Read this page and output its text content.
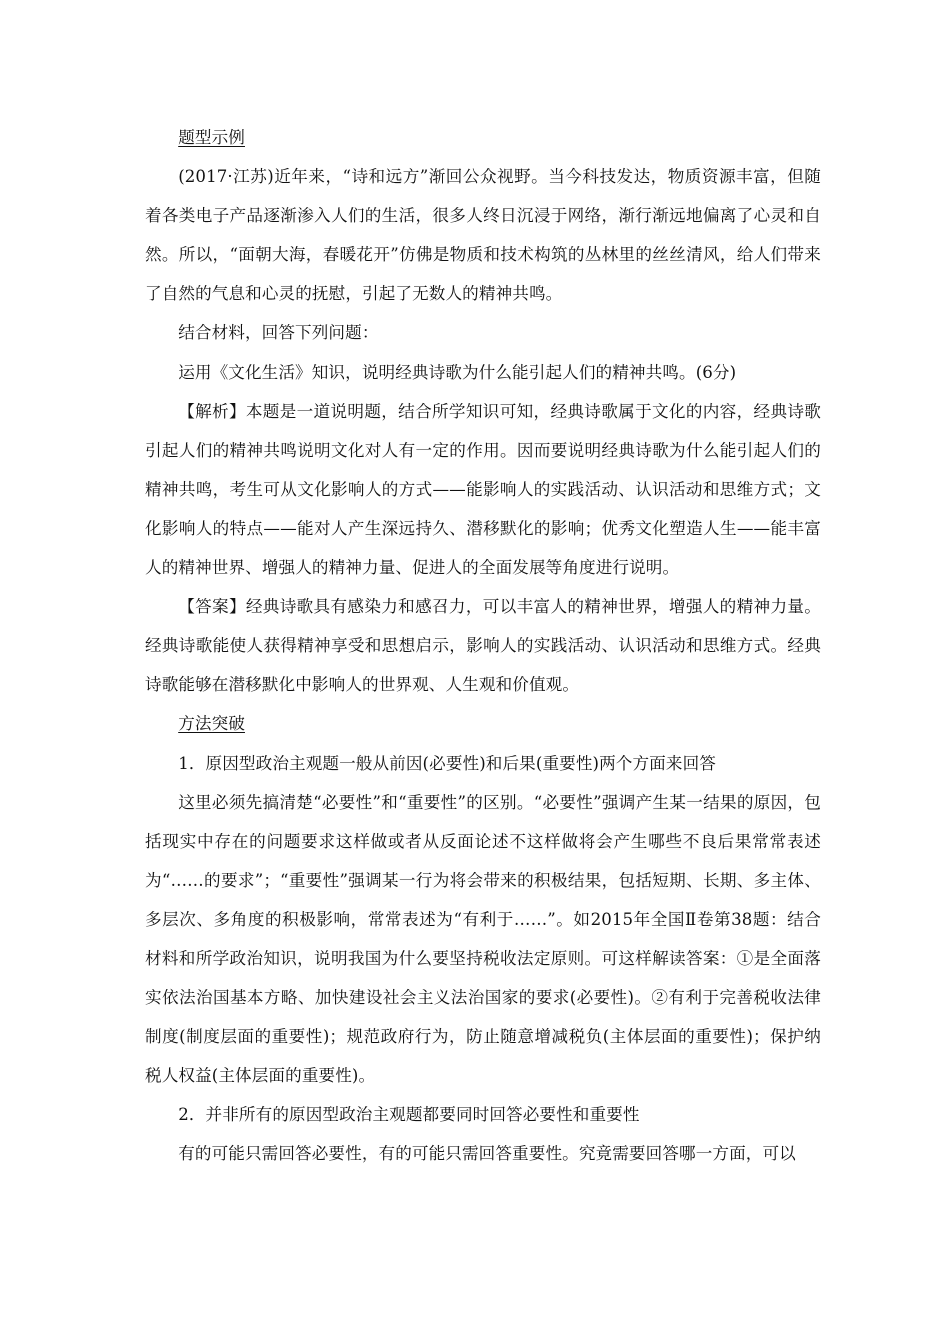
题型示例

(2017·江苏)近年来，“诗和远方”渐回公众视野。当今科技发达，物质资源丰富，但随着各类电子产品逐渐渗入人们的生活，很多人终日沉浸于网络，渐行渐远地偏离了心灵和自然。所以，“面朝大海，春暖花开”仿佛是物质和技术构筑的丛林里的丝丝清风，给人们带来了自然的气息和心灵的抚慰，引起了无数人的精神共鸣。

结合材料，回答下列问题：

运用《文化生活》知识，说明经典诗歌为什么能引起人们的精神共鸣。(6分)

【解析】本题是一道说明题，结合所学知识可知，经典诗歌属于文化的内容，经典诗歌引起人们的精神共鸣说明文化对人有一定的作用。因而要说明经典诗歌为什么能引起人们的精神共鸣，考生可从文化影响人的方式——能影响人的实践活动、认识活动和思维方式；文化影响人的特点——能对人产生深远持久、潜移默化的影响；优秀文化塑造人生——能丰富人的精神世界、增强人的精神力量、促进人的全面发展等角度进行说明。

【答案】经典诗歌具有感染力和感召力，可以丰富人的精神世界，增强人的精神力量。经典诗歌能使人获得精神享受和思想启示，影响人的实践活动、认识活动和思维方式。经典诗歌能够在潜移默化中影响人的世界观、人生观和价值观。

方法突破

1．原因型政治主观题一般从前因(必要性)和后果(重要性)两个方面来回答

这里必须先搞清楚“必要性”和“重要性”的区别。“必要性”强调产生某一结果的原因，包括现实中存在的问题要求这样做或者从反面论述不这样做将会产生哪些不良后果常常表述为“……的要求”；“重要性”强调某一行为将会带来的积极结果，包括短期、长期、多主体、多层次、多角度的积极影响，常常表述为“有利于……”。如2015年全国Ⅱ卷第38题：结合材料和所学政治知识，说明我国为什么要坚持税收法定原则。可这样解读答案：①是全面落实依法治国基本方略、加快建设社会主义法治国家的要求(必要性)。②有利于完善税收法律制度(制度层面的重要性)；规范政府行为，防止随意增减税负(主体层面的重要性)；保护纳税人权益(主体层面的重要性)。

2．并非所有的原因型政治主观题都要同时回答必要性和重要性

有的可能只需回答必要性，有的可能只需回答重要性。究竟需要回答哪一方面，可以
